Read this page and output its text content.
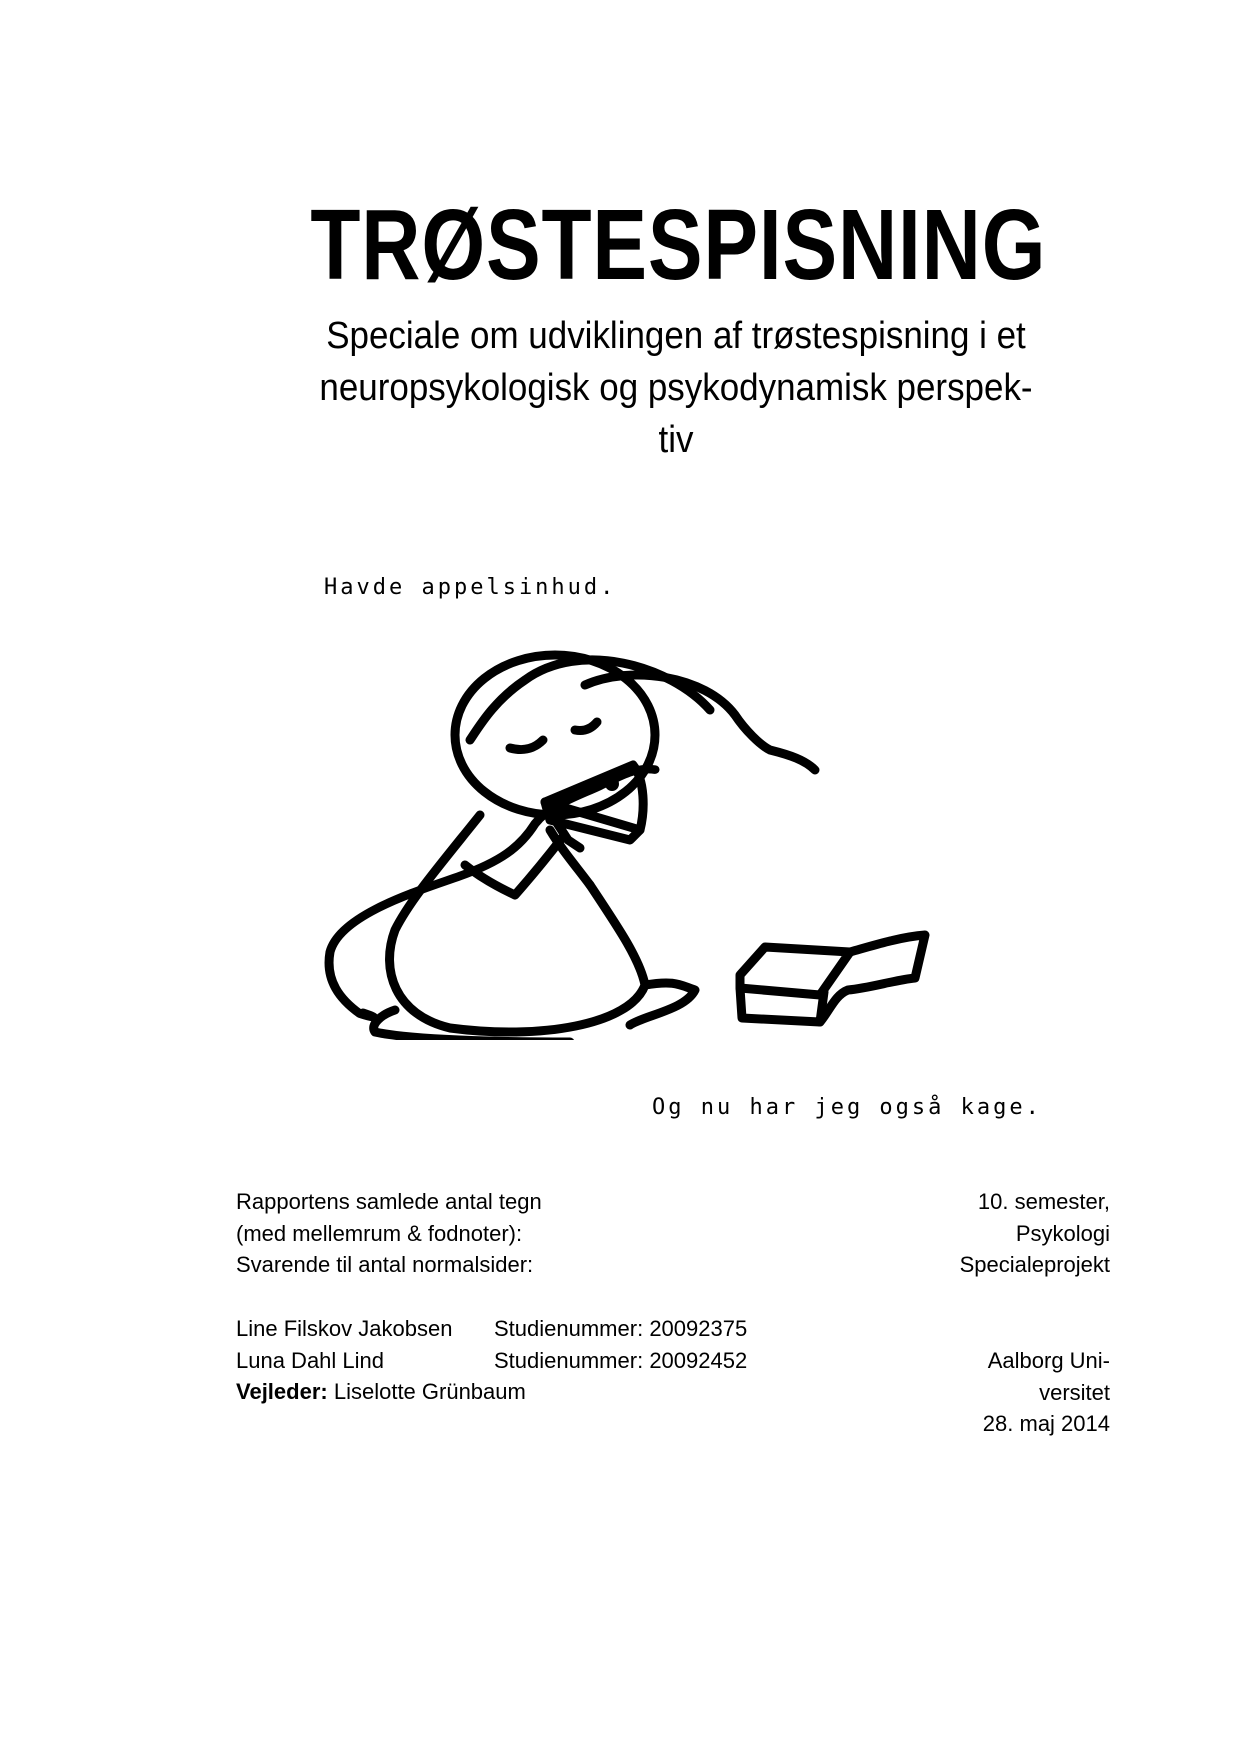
TRØSTESPISNING
Speciale om udviklingen af trøstespisning i et
neuropsykologisk og psykodynamisk perspek-
tiv
Havde appelsinhud.
Og nu har jeg også kage.
Rapportens samlede antal tegn
(med mellemrum & fodnoter):
Svarende til antal normalsider:
10. semester,
Psykologi
Specialeprojekt
Line Filskov Jakobsen Studienummer: 20092375
Luna Dahl Lind	Studienummer: 20092452
Vejleder: Liselotte Grünbaum
Aalborg Uni-
versitet
28. maj 2014
